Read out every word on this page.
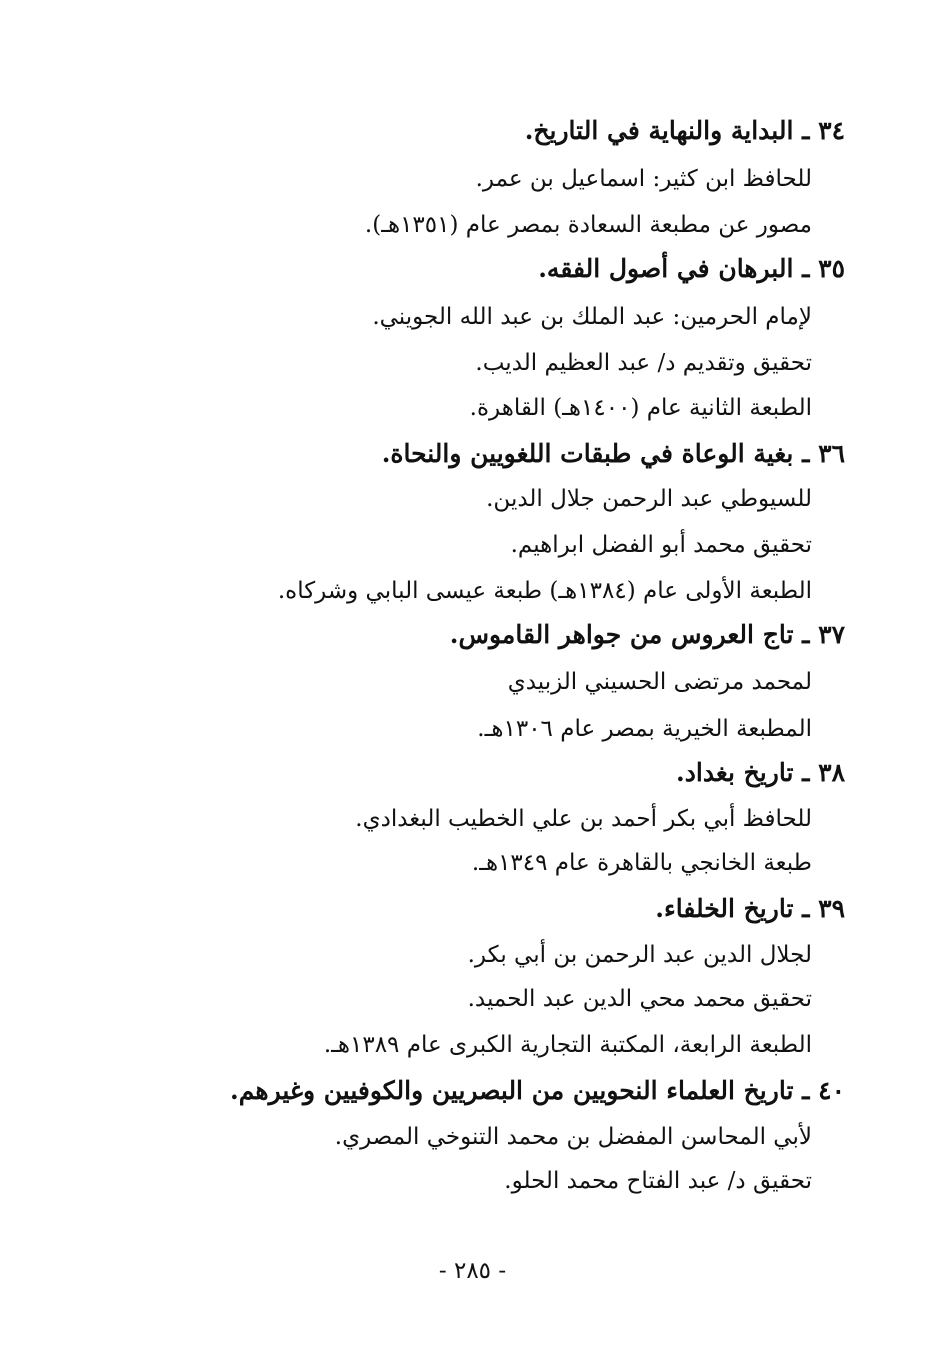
٣٤ ـ البداية والنهاية في التاريخ.
للحافظ ابن كثير: اسماعيل بن عمر.
مصور عن مطبعة السعادة بمصر عام (١٣٥١هـ).
٣٥ ـ البرهان في أصول الفقه.
لإمام الحرمين: عبد الملك بن عبد الله الجويني.
تحقيق وتقديم د/ عبد العظيم الديب.
الطبعة الثانية عام (١٤٠٠هـ) القاهرة.
٣٦ ـ بغية الوعاة في طبقات اللغويين والنحاة.
للسيوطي عبد الرحمن جلال الدين.
تحقيق محمد أبو الفضل ابراهيم.
الطبعة الأولى عام (١٣٨٤هـ) طبعة عيسى البابي وشركاه.
٣٧ ـ تاج العروس من جواهر القاموس.
لمحمد مرتضى الحسيني الزبيدي
المطبعة الخيرية بمصر عام ١٣٠٦هـ.
٣٨ ـ تاريخ بغداد.
للحافظ أبي بكر أحمد بن علي الخطيب البغدادي.
طبعة الخانجي بالقاهرة عام ١٣٤٩هـ.
٣٩ ـ تاريخ الخلفاء.
لجلال الدين عبد الرحمن بن أبي بكر.
تحقيق محمد محي الدين عبد الحميد.
الطبعة الرابعة، المكتبة التجارية الكبرى عام ١٣٨٩هـ.
٤٠ ـ تاريخ العلماء النحويين من البصريين والكوفيين وغيرهم.
لأبي المحاسن المفضل بن محمد التنوخي المصري.
تحقيق د/ عبد الفتاح محمد الحلو.
- ٢٨٥ -
